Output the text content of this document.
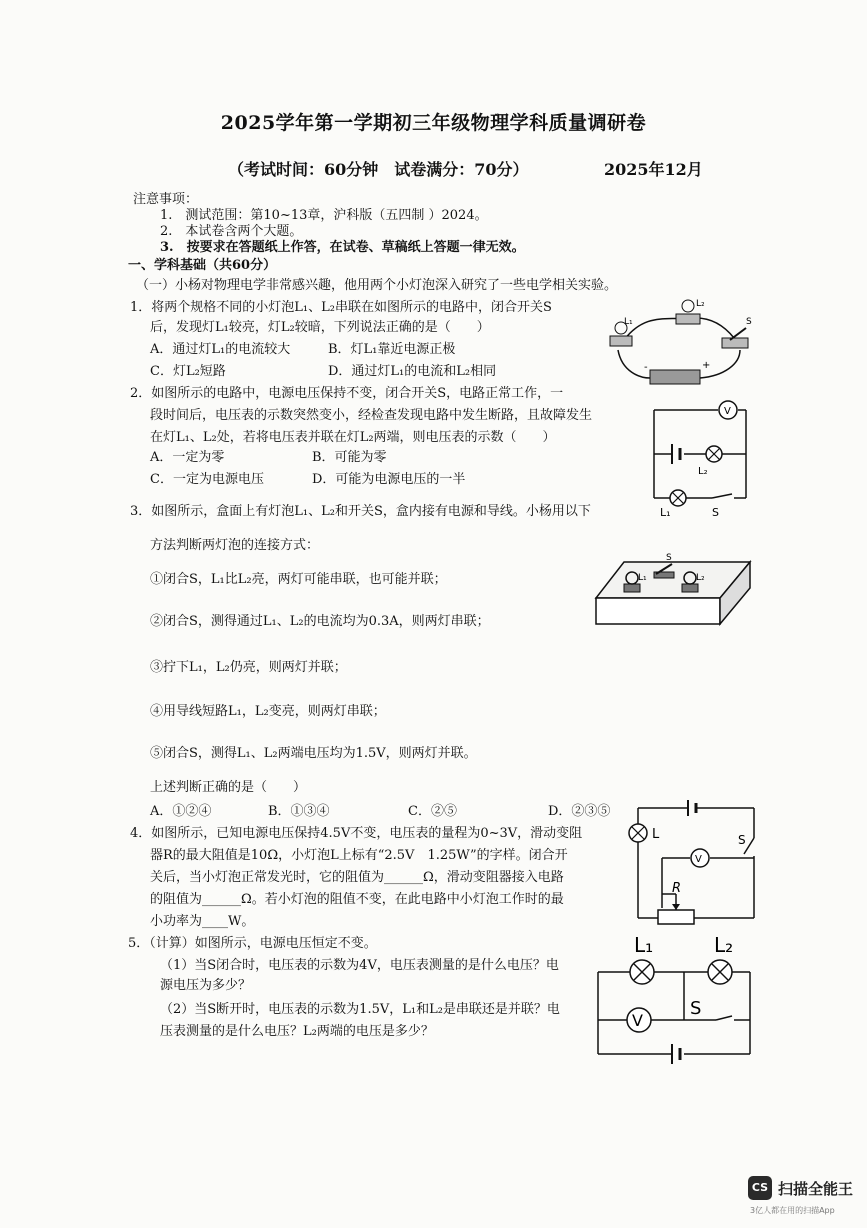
2025学年第一学期初三年级物理学科质量调研卷
（考试时间：60分钟　试卷满分：70分）	2025年12月
注意事项：
1.　测试范围：第10~13章，沪科版（五四制 ）2024。
2.　本试卷含两个大题。
3.　按要求在答题纸上作答，在试卷、草稿纸上答题一律无效。
一、学科基础（共60分）
（一）小杨对物理电学非常感兴趣，他用两个小灯泡深入研究了一些电学相关实验。
1．将两个规格不同的小灯泡L₁、L₂串联在如图所示的电路中，闭合开关S
后，发现灯L₁较亮，灯L₂较暗，下列说法正确的是（　　）
A．通过灯L₁的电流较大	B．灯L₁靠近电源正极
C．灯L₂短路	D．通过灯L₁的电流和L₂相同
L₁
L₂
S
-	+
2．如图所示的电路中，电源电压保持不变，闭合开关S，电路正常工作，一
段时间后，电压表的示数突然变小，经检查发现电路中发生断路，且故障发生
在灯L₁、L₂处，若将电压表并联在灯L₂两端，则电压表的示数（　　）
A．一定为零	B．可能为零
C．一定为电源电压	D．可能为电源电压的一半
V
L₂
L₁	S
3．如图所示，盒面上有灯泡L₁、L₂和开关S，盒内接有电源和导线。小杨用以下
方法判断两灯泡的连接方式：
①闭合S，L₁比L₂亮，两灯可能串联，也可能并联；
②闭合S，测得通过L₁、L₂的电流均为0.3A，则两灯串联；
③拧下L₁，L₂仍亮，则两灯并联；
④用导线短路L₁，L₂变亮，则两灯串联；
⑤闭合S，测得L₁、L₂两端电压均为1.5V，则两灯并联。
上述判断正确的是（　　）
A．①②④	B．①③④	C．②⑤	D．②③⑤
S
L₁	L₂
4．如图所示，已知电源电压保持4.5V不变，电压表的量程为0~3V，滑动变阻
器R的最大阻值是10Ω，小灯泡L上标有“2.5V　1.25W”的字样。闭合开
关后，当小灯泡正常发光时，它的阻值为______Ω，滑动变阻器接入电路
的阻值为______Ω。若小灯泡的阻值不变，在此电路中小灯泡工作时的最
小功率为____W。
L	S
V
R
5．（计算）如图所示，电源电压恒定不变。
（1）当S闭合时，电压表的示数为4V，电压表测量的是什么电压？电
源电压为多少？
（2）当S断开时，电压表的示数为1.5V，L₁和L₂是串联还是并联？电
压表测量的是什么电压？L₂两端的电压是多少？
L₁	L₂
S
V
CS 扫描全能王
3亿人都在用的扫描App
